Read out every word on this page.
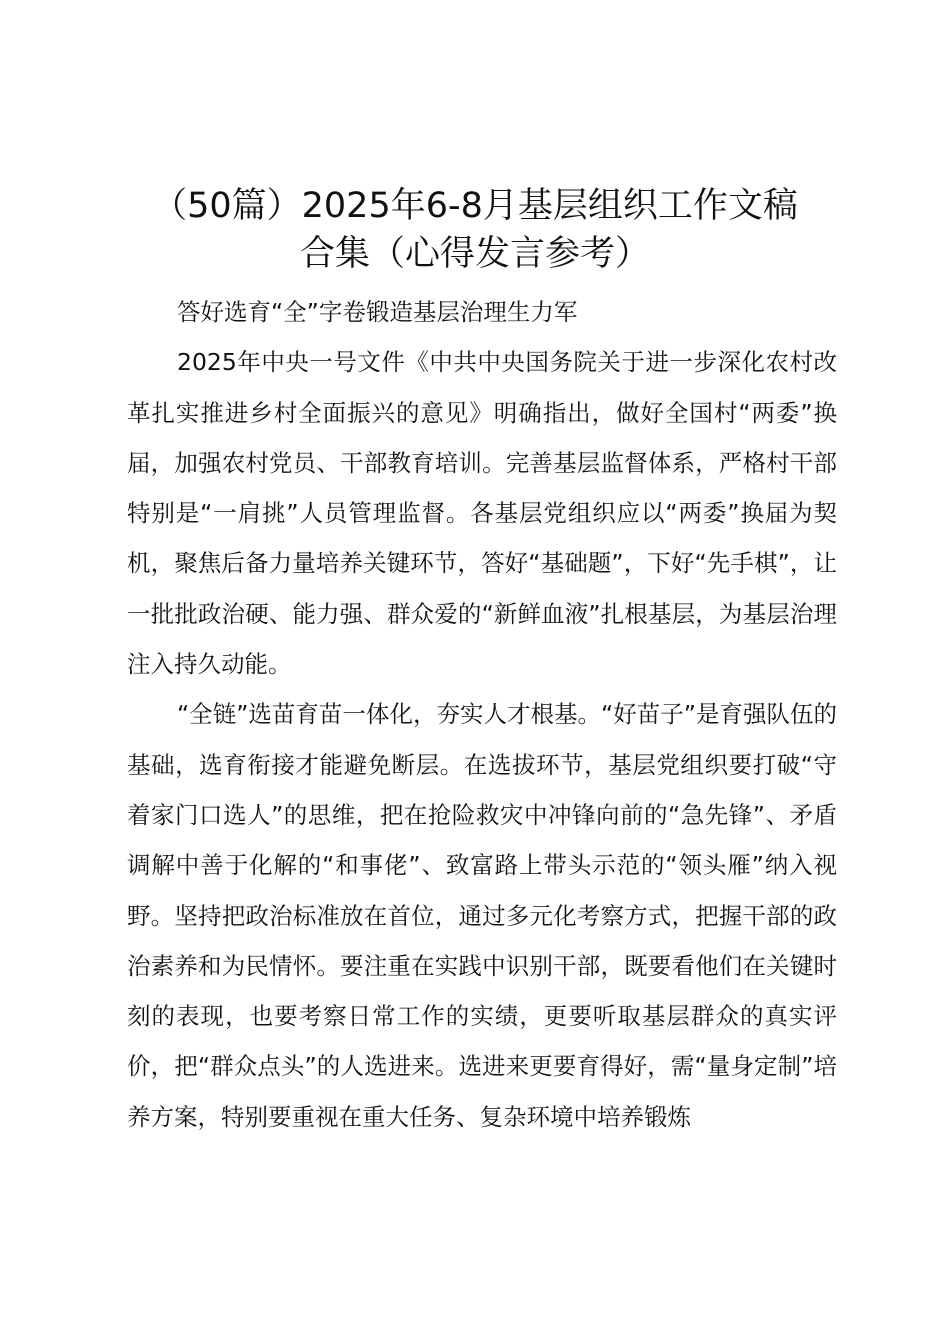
（50篇）2025年6-8月基层组织工作文稿
合集（心得发言参考）

答好选育“全”字卷锻造基层治理生力军

2025年中央一号文件《中共中央国务院关于进一步深化农村改革扎实推进乡村全面振兴的意见》明确指出，做好全国村“两委”换届，加强农村党员、干部教育培训。完善基层监督体系，严格村干部特别是“一肩挑”人员管理监督。各基层党组织应以“两委”换届为契机，聚焦后备力量培养关键环节，答好“基础题”，下好“先手棋”，让一批批政治硬、能力强、群众爱的“新鲜血液”扎根基层，为基层治理注入持久动能。

“全链”选苗育苗一体化，夯实人才根基。“好苗子”是育强队伍的基础，选育衔接才能避免断层。在选拔环节，基层党组织要打破“守着家门口选人”的思维，把在抢险救灾中冲锋向前的“急先锋”、矛盾调解中善于化解的“和事佬”、致富路上带头示范的“领头雁”纳入视野。坚持把政治标准放在首位，通过多元化考察方式，把握干部的政治素养和为民情怀。要注重在实践中识别干部，既要看他们在关键时刻的表现，也要考察日常工作的实绩，更要听取基层群众的真实评价，把“群众点头”的人选进来。选进来更要育得好，需“量身定制”培养方案，特别要重视在重大任务、复杂环境中培养锻炼
